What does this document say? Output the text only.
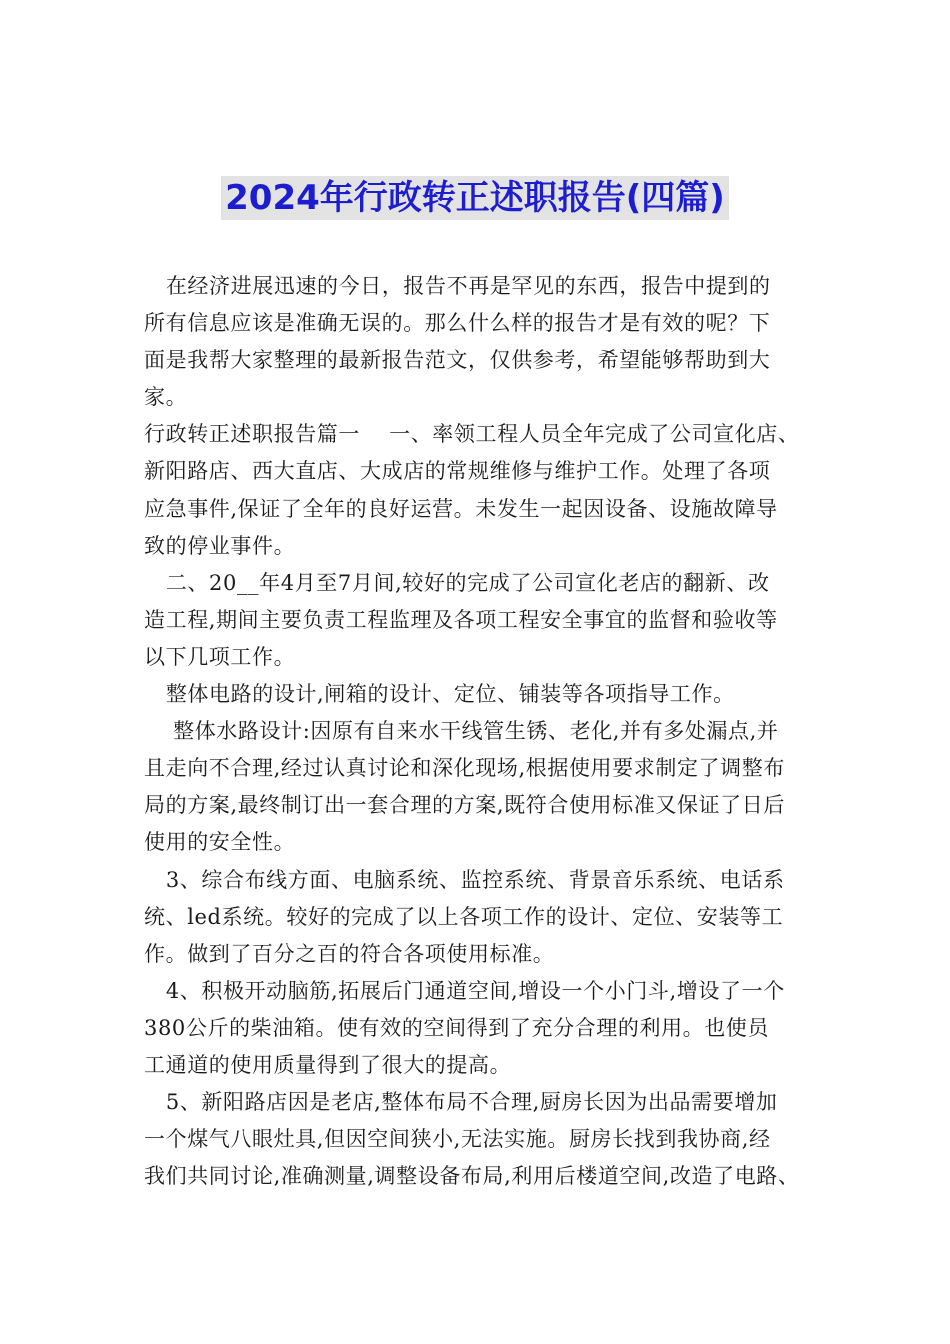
2024年行政转正述职报告(四篇)
在经济进展迅速的今日，报告不再是罕见的东西，报告中提到的
所有信息应该是准确无误的。那么什么样的报告才是有效的呢？下
面是我帮大家整理的最新报告范文，仅供参考，希望能够帮助到大
家。
行政转正述职报告篇一    一、率领工程人员全年完成了公司宣化店、
新阳路店、西大直店、大成店的常规维修与维护工作。处理了各项
应急事件,保证了全年的良好运营。未发生一起因设备、设施故障导
致的停业事件。
二、20__年4月至7月间,较好的完成了公司宣化老店的翻新、改
造工程,期间主要负责工程监理及各项工程安全事宜的监督和验收等
以下几项工作。
整体电路的设计,闸箱的设计、定位、铺装等各项指导工作。
整体水路设计:因原有自来水干线管生锈、老化,并有多处漏点,并
且走向不合理,经过认真讨论和深化现场,根据使用要求制定了调整布
局的方案,最终制订出一套合理的方案,既符合使用标准又保证了日后
使用的安全性。
3、综合布线方面、电脑系统、监控系统、背景音乐系统、电话系
统、led系统。较好的完成了以上各项工作的设计、定位、安装等工
作。做到了百分之百的符合各项使用标准。
4、积极开动脑筋,拓展后门通道空间,增设一个小门斗,增设了一个
380公斤的柴油箱。使有效的空间得到了充分合理的利用。也使员
工通道的使用质量得到了很大的提高。
5、新阳路店因是老店,整体布局不合理,厨房长因为出品需要增加
一个煤气八眼灶具,但因空间狭小,无法实施。厨房长找到我协商,经
我们共同讨论,准确测量,调整设备布局,利用后楼道空间,改造了电路、
